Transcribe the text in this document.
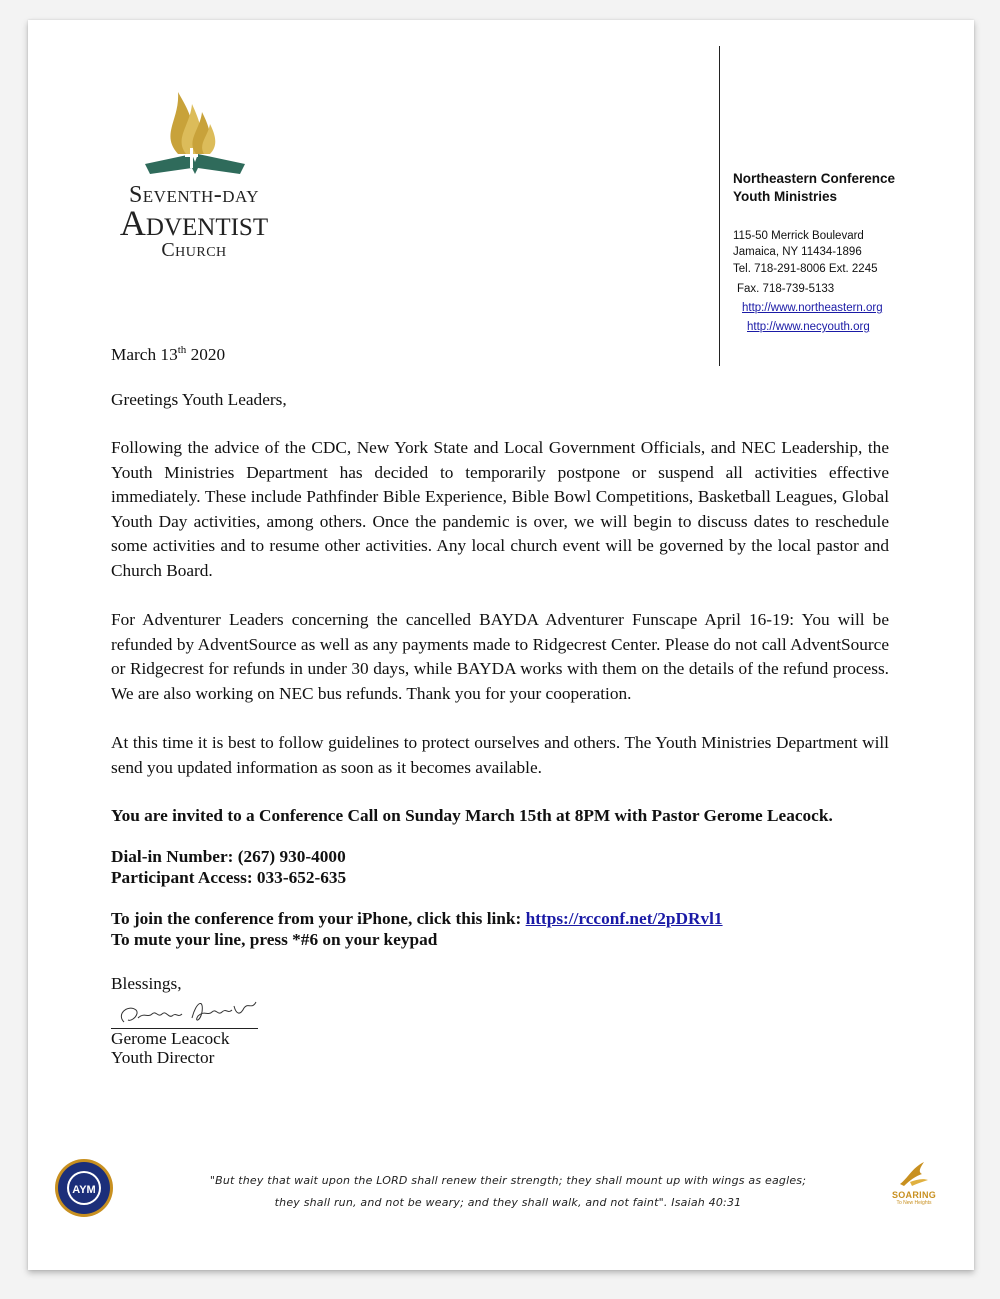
Seventh-day
Adventist
Church
Northeastern Conference
Youth Ministries
115-50 Merrick Boulevard
Jamaica, NY 11434-1896
Tel. 718-291-8006 Ext. 2245
Fax. 718-739-5133
http://www.northeastern.org
http://www.necyouth.org
March 13th 2020
Greetings Youth Leaders,
Following the advice of the CDC, New York State and Local Government Officials, and NEC Leadership, the Youth Ministries Department has decided to temporarily postpone or suspend all activities effective immediately. These include Pathfinder Bible Experience, Bible Bowl Competitions, Basketball Leagues, Global Youth Day activities, among others. Once the pandemic is over, we will begin to discuss dates to reschedule some activities and to resume other activities. Any local church event will be governed by the local pastor and Church Board.
For Adventurer Leaders concerning the cancelled BAYDA Adventurer Funscape April 16-19: You will be refunded by AdventSource as well as any payments made to Ridgecrest Center. Please do not call AdventSource or Ridgecrest for refunds in under 30 days, while BAYDA works with them on the details of the refund process. We are also working on NEC bus refunds. Thank you for your cooperation.
At this time it is best to follow guidelines to protect ourselves and others. The Youth Ministries Department will send you updated information as soon as it becomes available.
You are invited to a Conference Call on Sunday March 15th at 8PM with Pastor Gerome Leacock.
Dial-in Number: (267) 930-4000
Participant Access: 033-652-635
To join the conference from your iPhone, click this link: https://rcconf.net/2pDRvl1
To mute your line, press *#6 on your keypad
Blessings,
Gerome Leacock
Youth Director
AYM
"But they that wait upon the LORD shall renew their strength; they shall mount up with wings as eagles;
they shall run, and not be weary; and they shall walk, and not faint". Isaiah 40:31
SOARING
To New Heights
